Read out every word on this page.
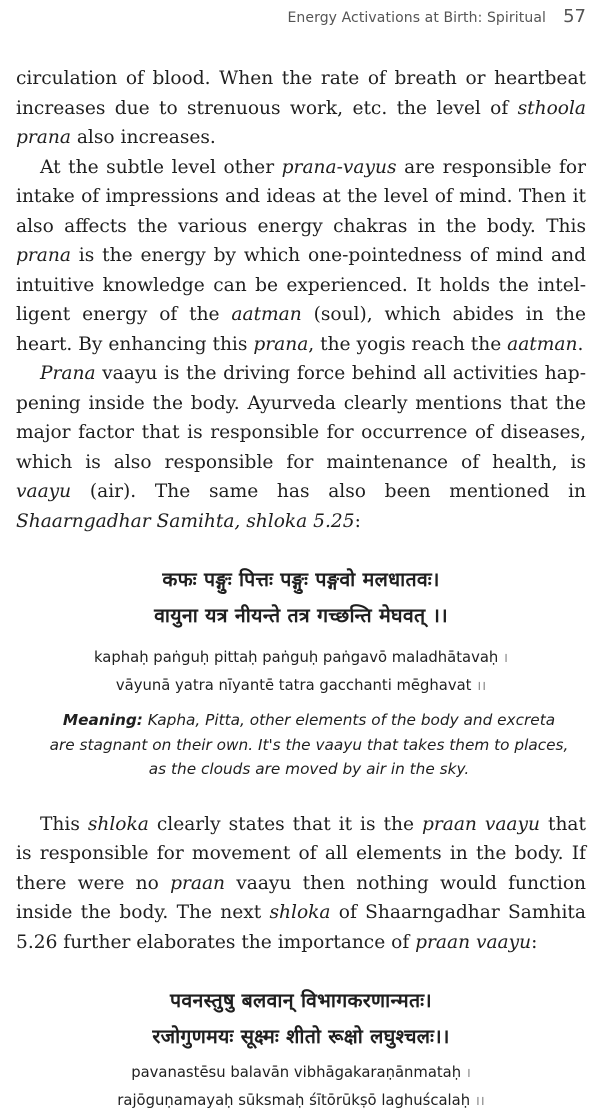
Energy Activations at Birth: Spiritual 57

circulation of blood. When the rate of breath or heartbeat increases due to strenuous work, etc. the level of sthoola prana also increases.

At the subtle level other prana-vayus are responsible for intake of impressions and ideas at the level of mind. Then it also affects the various energy chakras in the body. This prana is the energy by which one-pointedness of mind and intuitive knowledge can be experienced. It holds the intelligent energy of the aatman (soul), which abides in the heart. By enhancing this prana, the yogis reach the aatman.

Prana vaayu is the driving force behind all activities happening inside the body. Ayurveda clearly mentions that the major factor that is responsible for occurrence of diseases, which is also responsible for maintenance of health, is vaayu (air). The same has also been mentioned in Shaarngadhar Samihta, shloka 5.25:

कफः पङ्गुः पित्तः पङ्गुः पङ्गवो मलधातवः।

वायुना यत्र नीयन्ते तत्र गच्छन्ति मेघवत् ।।

kaphaḥ paṅguḥ pittaḥ paṅguḥ paṅgavō maladhātavaḥ ।

vāyunā yatra nīyantē tatra gacchanti mēghavat ।।

Meaning: Kapha, Pitta, other elements of the body and excreta are stagnant on their own. It's the vaayu that takes them to places, as the clouds are moved by air in the sky.

This shloka clearly states that it is the praan vaayu that is responsible for movement of all elements in the body. If there were no praan vaayu then nothing would function inside the body. The next shloka of Shaarngadhar Samhita 5.26 further elaborates the importance of praan vaayu:

पवनस्तुषु बलवान् विभागकरणान्मतः।

रजोगुणमयः सूक्ष्मः शीतो रूक्षो लघुश्चलः।।

pavanastēsu balavān vibhāgakaraṇānmataḥ ।

rajōguṇamayaḥ sūksmaḥ śītōrūkṣō laghuścalaḥ ।।
